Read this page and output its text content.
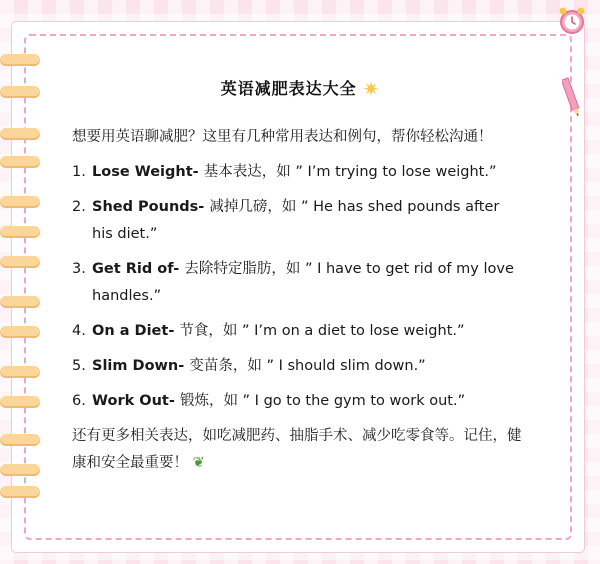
英语减肥表达大全 ✷

想要用英语聊减肥？这里有几种常用表达和例句，帮你轻松沟通！

1. Lose Weight- 基本表达，如 ” I’m trying to lose weight.”
2. Shed Pounds- 减掉几磅，如 ” He has shed pounds after his diet.”
3. Get Rid of- 去除特定脂肪，如 ” I have to get rid of my love handles.”
4. On a Diet- 节食，如 ” I’m on a diet to lose weight.”
5. Slim Down- 变苗条，如 ” I should slim down.”
6. Work Out- 锻炼，如 ” I go to the gym to work out.”

还有更多相关表达，如吃减肥药、抽脂手术、减少吃零食等。记住，健康和安全最重要！ ❦
